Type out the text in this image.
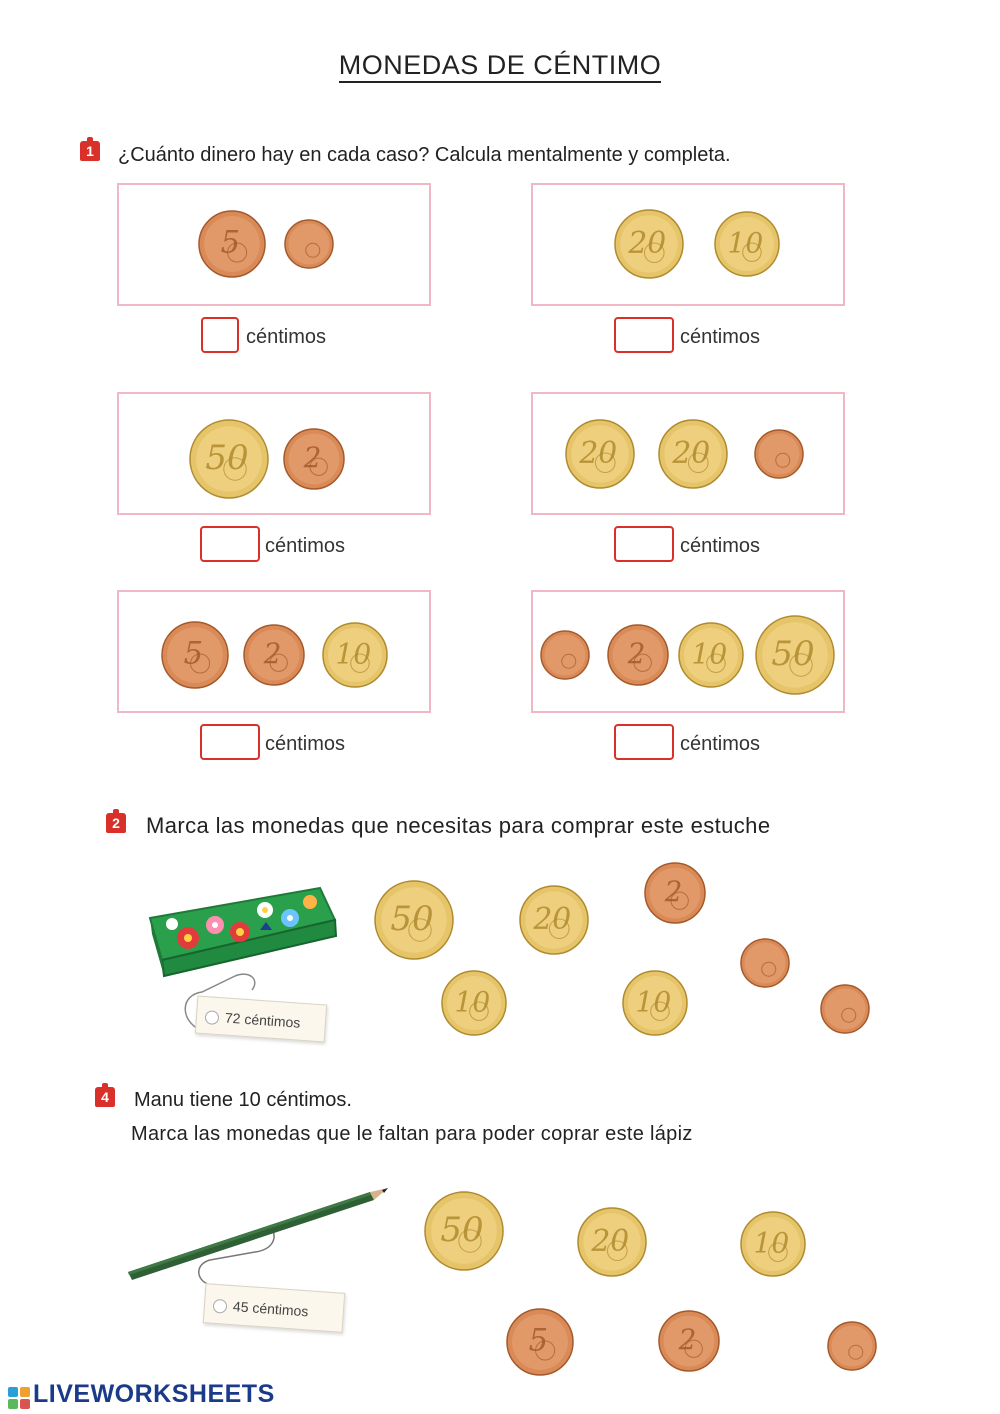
MONEDAS DE CÉNTIMO
1	¿Cuánto dinero hay en cada caso? Calcula mentalmente y completa.
céntimos	céntimos
céntimos	céntimos
céntimos	céntimos
2 Marca las monedas que necesitas para comprar este estuche
72 céntimos
4	Manu tiene 10 céntimos.
Marca las monedas que le faltan para poder coprar este lápiz
45 céntimos
5	20 10
50 2	20 20
5 2 10	2 10 50
50	20
2
10	10
50	20	10
5	2
LIVEWORKSHEETS
